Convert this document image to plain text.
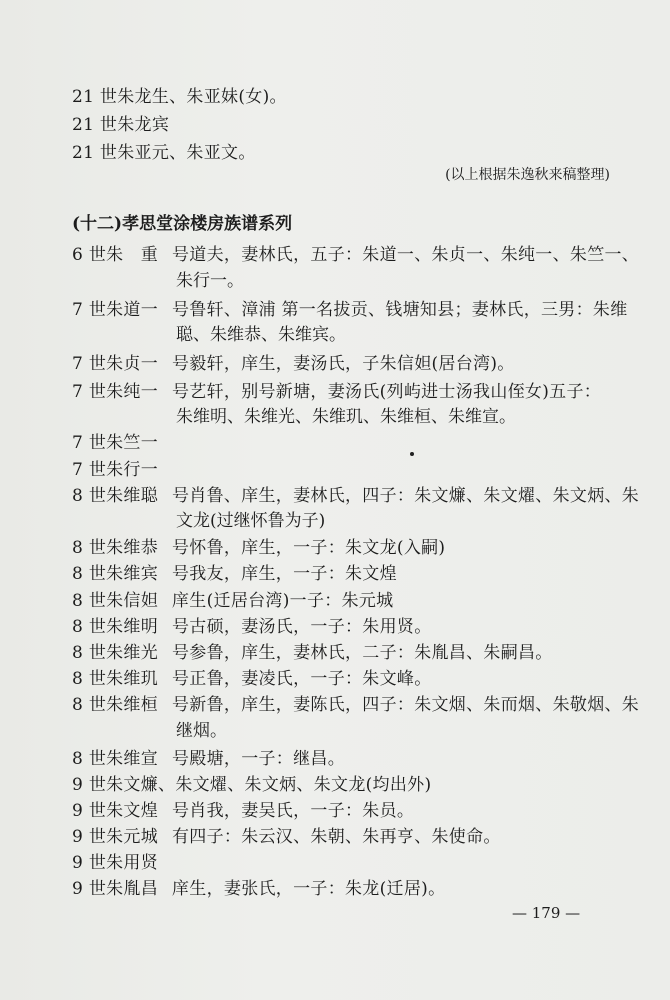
21 世朱龙生、朱亚妹(女)。
21 世朱龙宾
21 世朱亚元、朱亚文。
(以上根据朱逸秋来稿整理)
(十二)孝思堂涂楼房族谱系列
6 世朱　重 号道夫，妻林氏，五子：朱道一、朱贞一、朱纯一、朱竺一、
朱行一。
7 世朱道一 号鲁轩、漳浦 第一名拔贡、钱塘知县；妻林氏，三男：朱维
聪、朱维恭、朱维宾。
7 世朱贞一 号毅轩，庠生，妻汤氏，子朱信妲(居台湾)。
7 世朱纯一 号艺轩，别号新塘，妻汤氏(列屿进士汤我山侄女)五子：
朱维明、朱维光、朱维玑、朱维桓、朱维宣。
7 世朱竺一
7 世朱行一
8 世朱维聪 号肖鲁、庠生，妻林氏，四子：朱文燫、朱文燿、朱文炳、朱
文龙(过继怀鲁为子)
8 世朱维恭 号怀鲁，庠生，一子：朱文龙(入嗣)
8 世朱维宾 号我友，庠生，一子：朱文煌
8 世朱信妲 庠生(迁居台湾)一子：朱元城
8 世朱维明 号古硕，妻汤氏，一子：朱用贤。
8 世朱维光 号参鲁，庠生，妻林氏，二子：朱胤昌、朱嗣昌。
8 世朱维玑 号正鲁，妻凌氏，一子：朱文峰。
8 世朱维桓 号新鲁，庠生，妻陈氏，四子：朱文烟、朱而烟、朱敬烟、朱
继烟。
8 世朱维宣 号殿塘，一子：继昌。
9 世朱文燫、朱文燿、朱文炳、朱文龙(均出外)
9 世朱文煌 号肖我，妻吴氏，一子：朱员。
9 世朱元城 有四子：朱云汉、朱朝、朱再亨、朱使命。
9 世朱用贤
9 世朱胤昌 庠生，妻张氏，一子：朱龙(迁居)。
— 179 —
